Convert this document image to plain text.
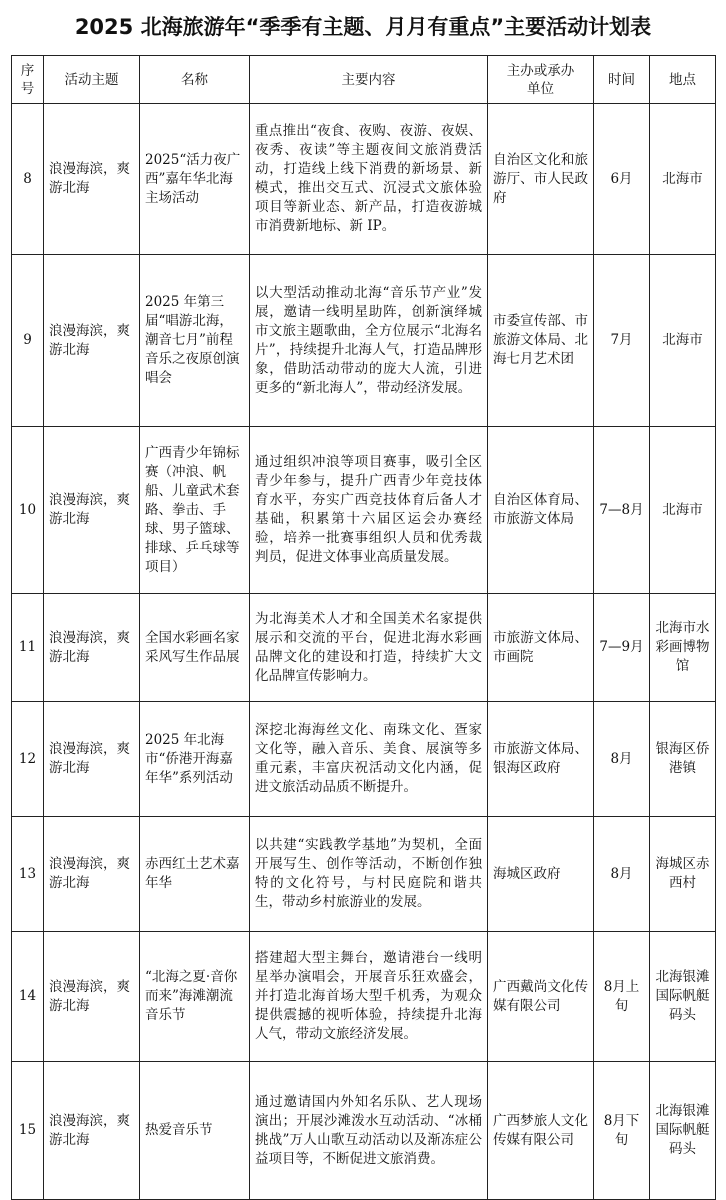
2025 北海旅游年“季季有主题、月月有重点”主要活动计划表
序号	活动主题	名称	主要内容	主办或承办单位	时间	地点
8	浪漫海滨，爽游北海	2025“活力夜广西”嘉年华北海主场活动	重点推出“夜食、夜购、夜游、夜娱、夜秀、夜读”等主题夜间文旅消费活动，打造线上线下消费的新场景、新模式，推出交互式、沉浸式文旅体验项目等新业态、新产品，打造夜游城市消费新地标、新 IP。	自治区文化和旅游厅、市人民政府	6月	北海市
9	浪漫海滨，爽游北海	2025 年第三届“唱游北海，潮音七月”前程音乐之夜原创演唱会	以大型活动推动北海“音乐节产业”发展，邀请一线明星助阵，创新演绎城市文旅主题歌曲，全方位展示“北海名片”，持续提升北海人气，打造品牌形象，借助活动带动的庞大人流，引进更多的“新北海人”，带动经济发展。	市委宣传部、市旅游文体局、北海七月艺术团	7月	北海市
10	浪漫海滨，爽游北海	广西青少年锦标赛（冲浪、帆船、儿童武术套路、拳击、手球、男子篮球、排球、乒乓球等项目）	通过组织冲浪等项目赛事，吸引全区青少年参与，提升广西青少年竞技体育水平，夯实广西竞技体育后备人才基础，积累第十六届区运会办赛经验，培养一批赛事组织人员和优秀裁判员，促进文体事业高质量发展。	自治区体育局、市旅游文体局	7—8月	北海市
11	浪漫海滨，爽游北海	全国水彩画名家采风写生作品展	为北海美术人才和全国美术名家提供展示和交流的平台，促进北海水彩画品牌文化的建设和打造，持续扩大文化品牌宣传影响力。	市旅游文体局、市画院	7—9月	北海市水彩画博物馆
12	浪漫海滨，爽游北海	2025 年北海市“侨港开海嘉年华”系列活动	深挖北海海丝文化、南珠文化、疍家文化等，融入音乐、美食、展演等多重元素，丰富庆祝活动文化内涵，促进文旅活动品质不断提升。	市旅游文体局、银海区政府	8月	银海区侨港镇
13	浪漫海滨，爽游北海	赤西红土艺术嘉年华	以共建“实践教学基地”为契机，全面开展写生、创作等活动，不断创作独特的文化符号，与村民庭院和谐共生，带动乡村旅游业的发展。	海城区政府	8月	海城区赤西村
14	浪漫海滨，爽游北海	“北海之夏·音你而来”海滩潮流音乐节	搭建超大型主舞台，邀请港台一线明星举办演唱会，开展音乐狂欢盛会，并打造北海首场大型千机秀，为观众提供震撼的视听体验，持续提升北海人气，带动文旅经济发展。	广西戴尚文化传媒有限公司	8月上旬	北海银滩国际帆艇码头
15	浪漫海滨，爽游北海	热爱音乐节	通过邀请国内外知名乐队、艺人现场演出；开展沙滩泼水互动活动、“冰桶挑战”万人山歌互动活动以及渐冻症公益项目等，不断促进文旅消费。	广西梦旅人文化传媒有限公司	8月下旬	北海银滩国际帆艇码头
